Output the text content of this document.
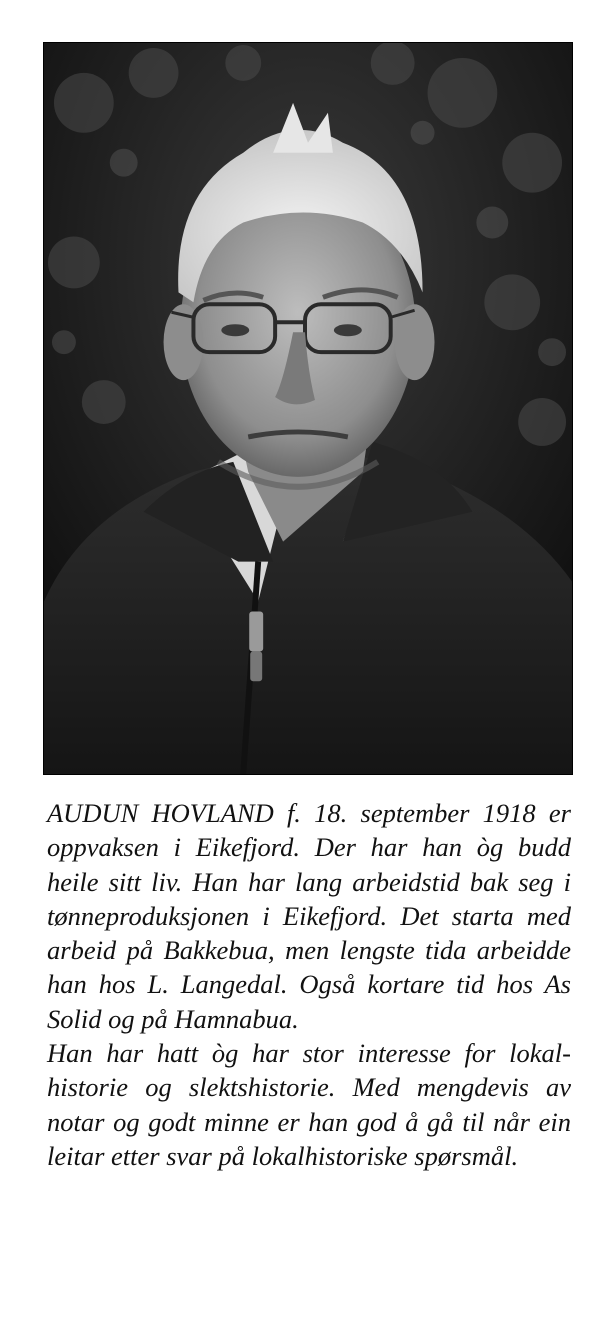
AUDUN HOVLAND f. 18. september 1918 er oppvaksen i Eikefjord. Der har han òg budd heile sitt liv. Han har lang arbeidstid bak seg i tønneproduksjonen i Eikefjord. Det starta med arbeid på Bakkebua, men lengste tida arbeidde han hos L. Langedal. Også kortare tid hos As Solid og på Hamnabua.

Han har hatt òg har stor interesse for lokalhistorie og slektshistorie. Med mengdevis av notar og godt minne er han god å gå til når ein leitar etter svar på lokalhistoriske spørsmål.
